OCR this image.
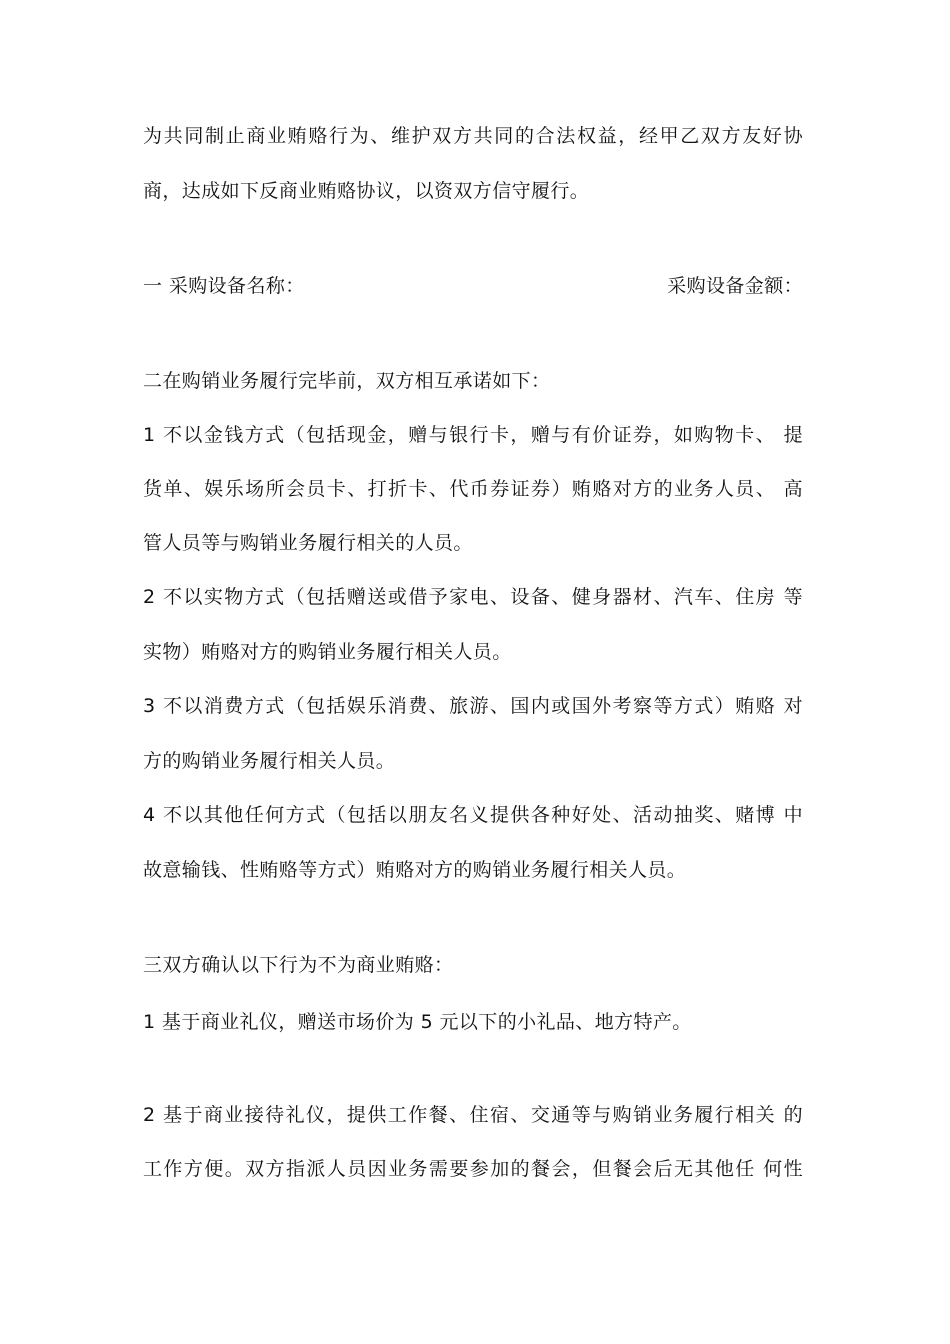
为共同制止商业贿赂行为、维护双方共同的合法权益，经甲乙双方友好协
商，达成如下反商业贿赂协议，以资双方信守履行。
一 采购设备名称：	采购设备金额：
二在购销业务履行完毕前，双方相互承诺如下：
1 不以金钱方式（包括现金，赠与银行卡，赠与有价证券，如购物卡、 提
货单、娱乐场所会员卡、打折卡、代币券证券）贿赂对方的业务人员、 高
管人员等与购销业务履行相关的人员。
2 不以实物方式（包括赠送或借予家电、设备、健身器材、汽车、住房 等
实物）贿赂对方的购销业务履行相关人员。
3 不以消费方式（包括娱乐消费、旅游、国内或国外考察等方式）贿赂 对
方的购销业务履行相关人员。
4 不以其他任何方式（包括以朋友名义提供各种好处、活动抽奖、赌博 中
故意输钱、性贿赂等方式）贿赂对方的购销业务履行相关人员。
三双方确认以下行为不为商业贿赂：
1 基于商业礼仪，赠送市场价为 5 元以下的小礼品、地方特产。
2 基于商业接待礼仪，提供工作餐、住宿、交通等与购销业务履行相关 的
工作方便。双方指派人员因业务需要参加的餐会，但餐会后无其他任 何性
